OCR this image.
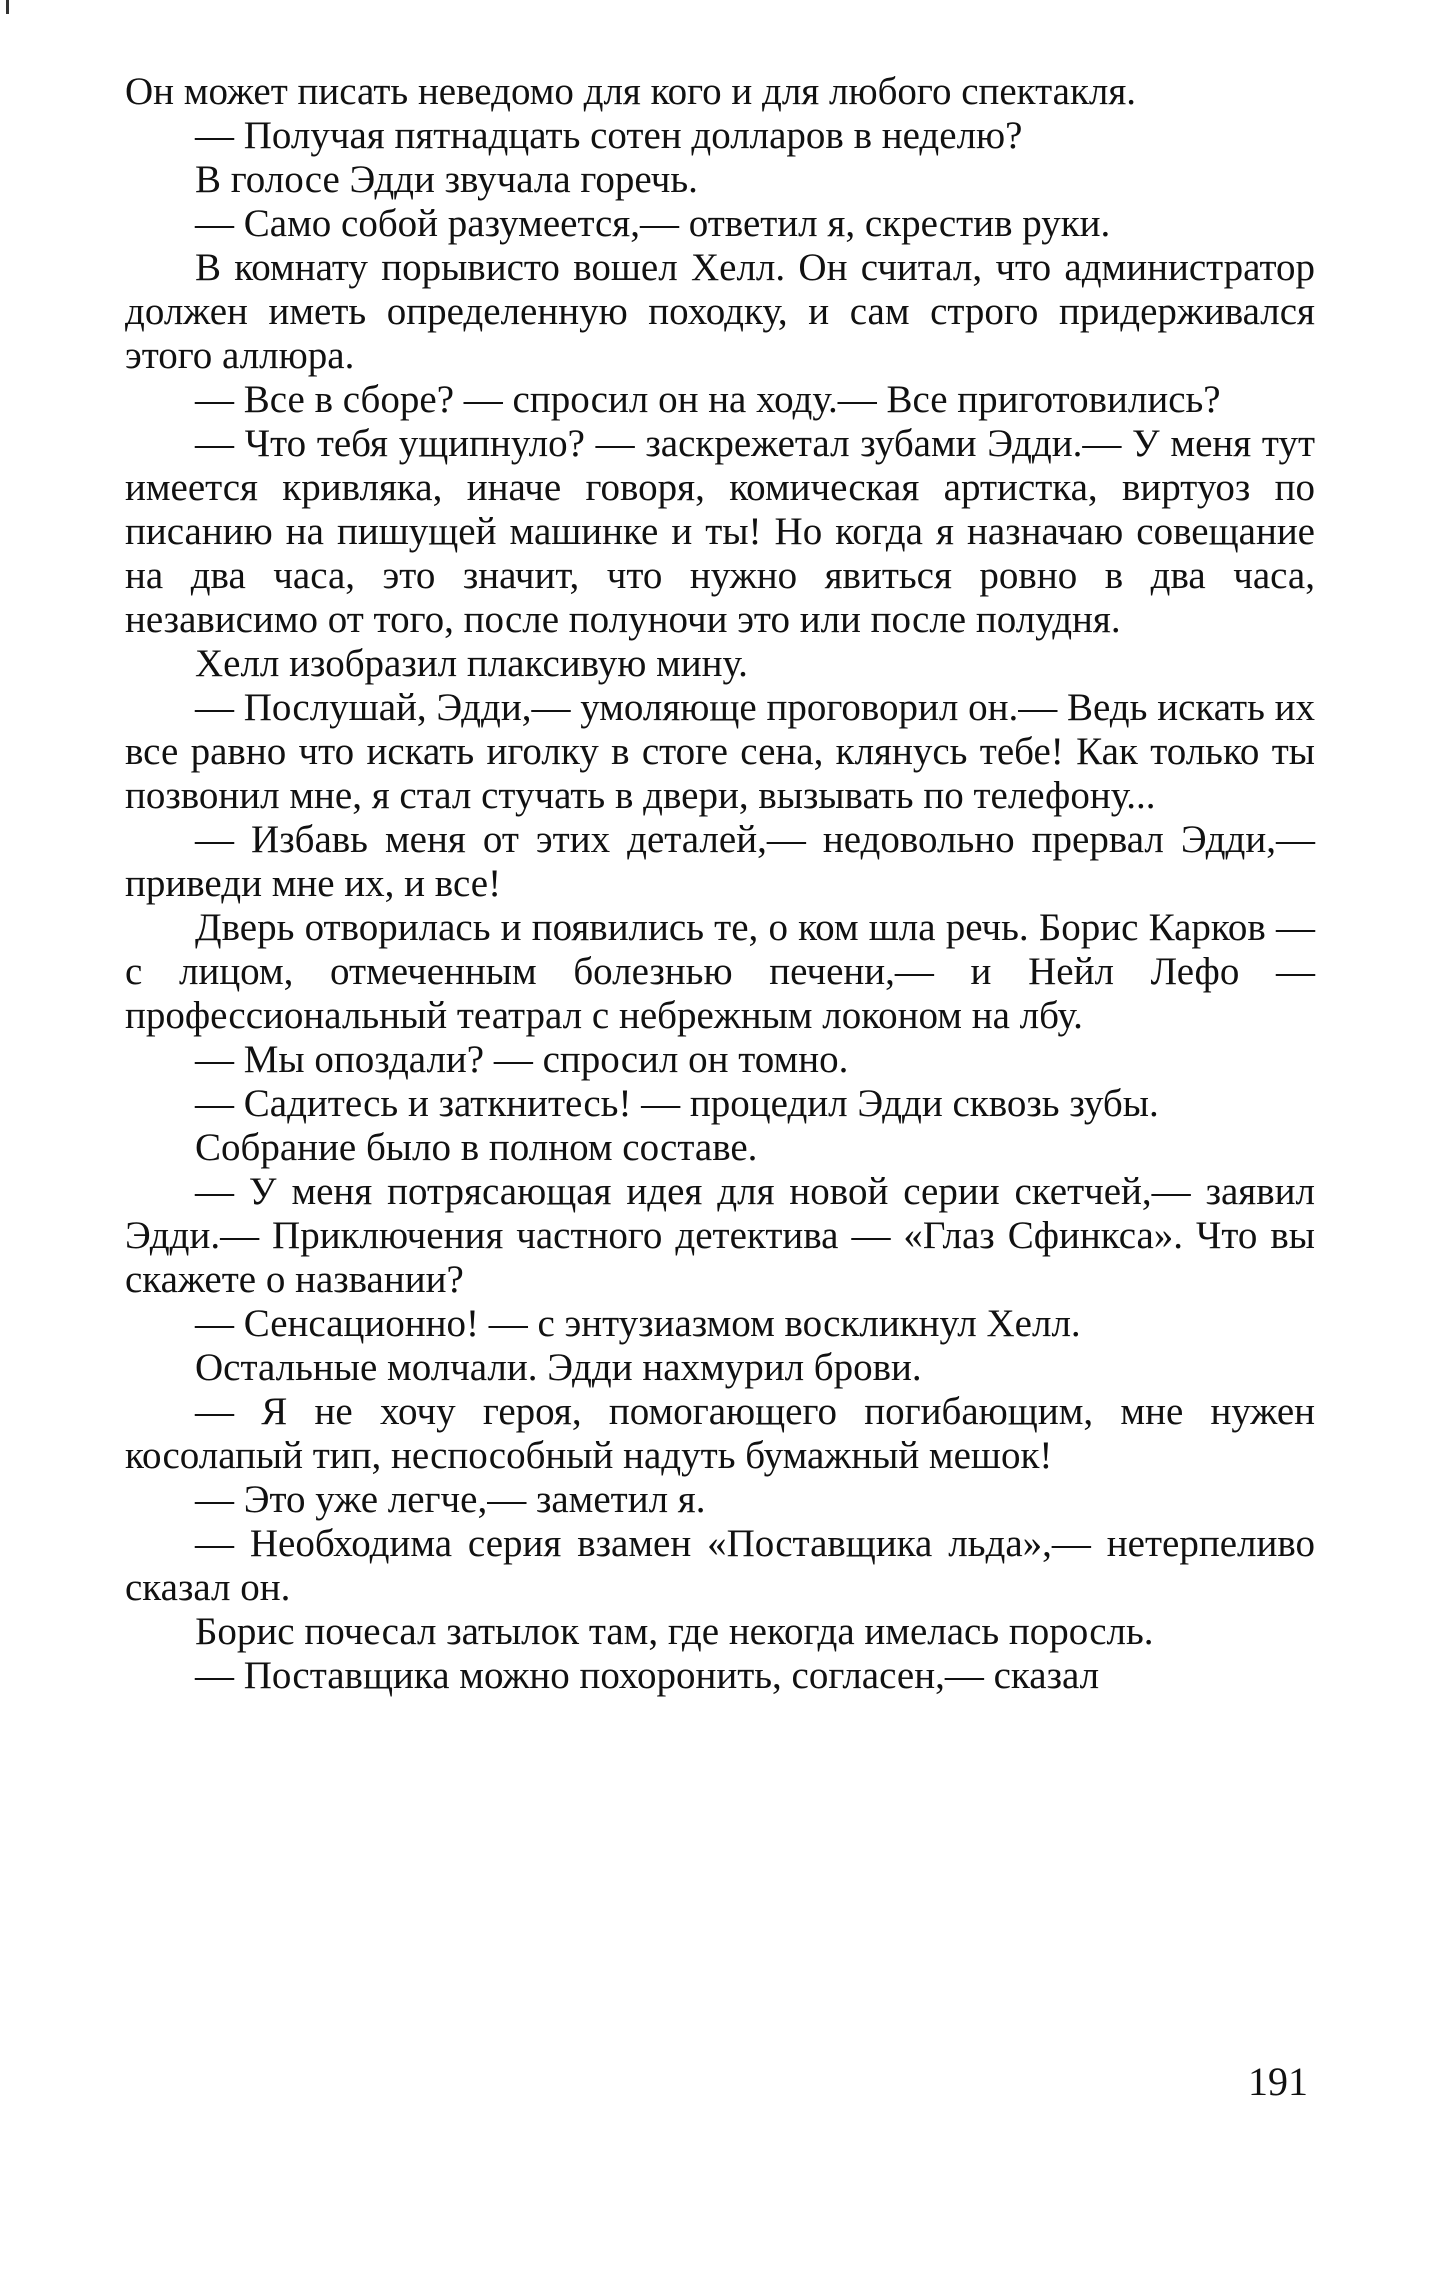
Он может писать неведомо для кого и для любого спектакля.

— Получая пятнадцать сотен долларов в неделю?

В голосе Эдди звучала горечь.

— Само собой разумеется,— ответил я, скрестив руки.

В комнату порывисто вошел Хелл. Он считал, что администратор должен иметь определенную походку, и сам строго придерживался этого аллюра.

— Все в сборе? — спросил он на ходу.— Все приготовились?

— Что тебя ущипнуло? — заскрежетал зубами Эдди.— У меня тут имеется кривляка, иначе говоря, комическая артистка, виртуоз по писанию на пишущей машинке и ты! Но когда я назначаю совещание на два часа, это значит, что нужно явиться ровно в два часа, независимо от того, после полуночи это или после полудня.

Хелл изобразил плаксивую мину.

— Послушай, Эдди,— умоляюще проговорил он.— Ведь искать их все равно что искать иголку в стоге сена, клянусь тебе! Как только ты позвонил мне, я стал стучать в двери, вызывать по телефону...

— Избавь меня от этих деталей,— недовольно прервал Эдди,— приведи мне их, и все!

Дверь отворилась и появились те, о ком шла речь. Борис Карков — с лицом, отмеченным болезнью печени,— и Нейл Лефо — профессиональный театрал с небрежным локоном на лбу.

— Мы опоздали? — спросил он томно.

— Садитесь и заткнитесь! — процедил Эдди сквозь зубы.

Собрание было в полном составе.

— У меня потрясающая идея для новой серии скетчей,— заявил Эдди.— Приключения частного детектива — «Глаз Сфинкса». Что вы скажете о названии?

— Сенсационно! — с энтузиазмом воскликнул Хелл.

Остальные молчали. Эдди нахмурил брови.

— Я не хочу героя, помогающего погибающим, мне нужен косолапый тип, неспособный надуть бумажный мешок!

— Это уже легче,— заметил я.

— Необходима серия взамен «Поставщика льда»,— нетерпеливо сказал он.

Борис почесал затылок там, где некогда имелась поросль.

— Поставщика можно похоронить, согласен,— сказал

191
